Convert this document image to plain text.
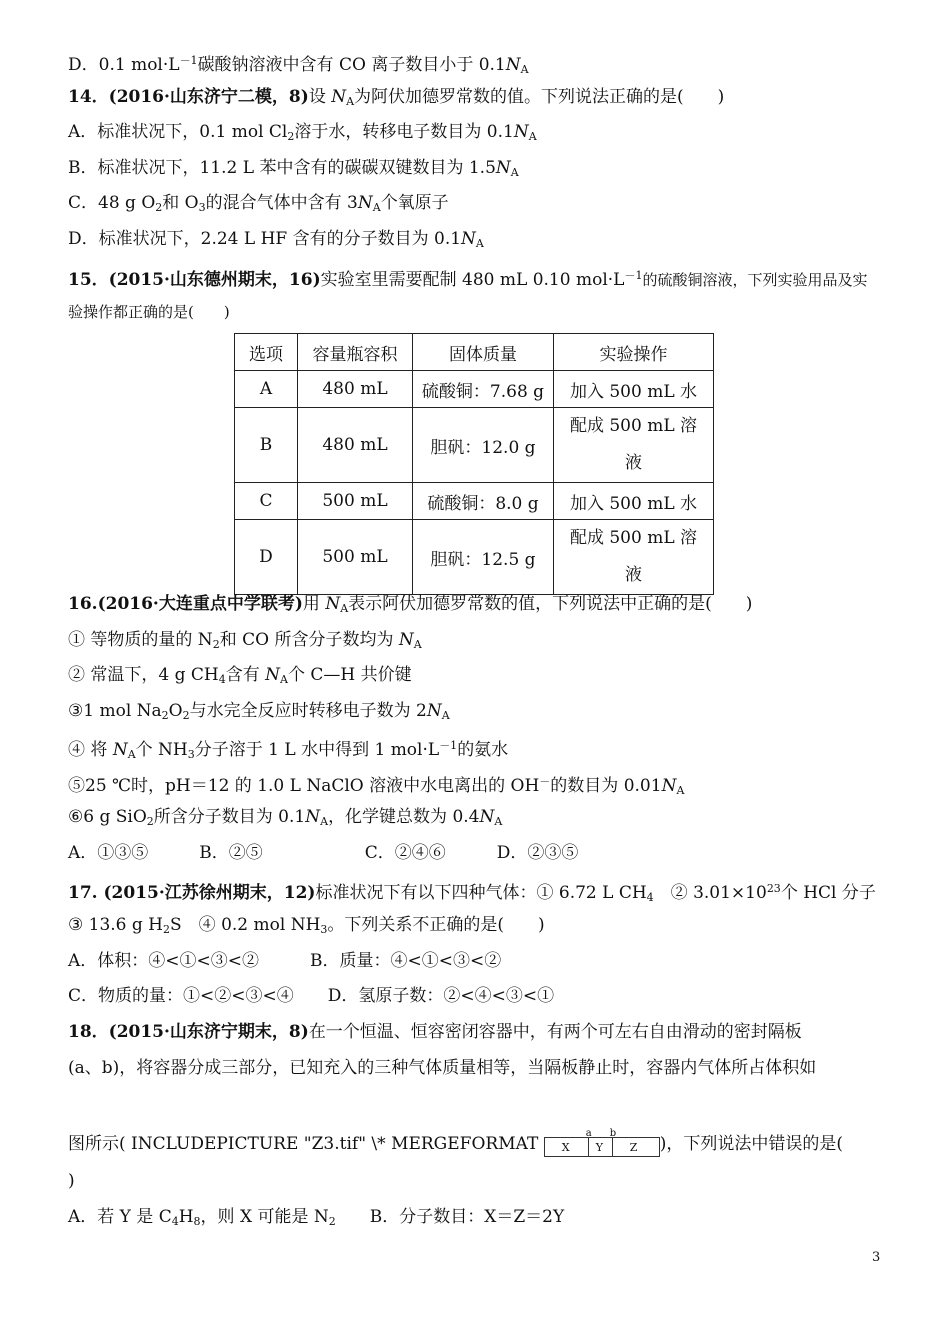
D．0.1 $mol\cdot L^{-1}$碳酸钠溶液中含有 CO 离子数目小于 $0.1N_A$
14．(2016·山东济宁二模，8)设 $N_A$为阿伏加德罗常数的值。下列说法正确的是(　　)
A．标准状况下，0.1 mol $Cl_2$溶于水，转移电子数目为 $0.1N_A$
B．标准状况下，11.2 L 苯中含有的碳碳双键数目为 $1.5N_A$
C．48 g $O_2$和 $O_3$的混合气体中含有 $3N_A$个氧原子
D．标准状况下，2.24 L HF 含有的分子数目为 $0.1N_A$
15．(2015·山东德州期末，16)实验室里需要配制 480 mL 0.10 $mol\cdot L^{-1}$的硫酸铜溶液，下列实验用品及实
验操作都正确的是(　　)
选项	容量瓶容积	固体质量	实验操作
A	480 mL	硫酸铜：7.68 g	加入 500 mL 水
B	480 mL	胆矾：12.0 g	配成 500 mL 溶液
C	500 mL	硫酸铜：8.0 g	加入 500 mL 水
D	500 mL	胆矾：12.5 g	配成 500 mL 溶液
16.(2016·大连重点中学联考)用 $N_A$表示阿伏加德罗常数的值，下列说法中正确的是(　　)
① 等物质的量的 $N_2$和 CO 所含分子数均为 $N_A$
② 常温下，4 g $CH_4$含有 $N_A$个 C—H 共价键
③1 mol $Na_2O_2$与水完全反应时转移电子数为 $2N_A$
④ 将 $N_A$个 $NH_3$分子溶于 1 L 水中得到 1 $mol\cdot L^{-1}$的氨水
⑤25 ℃时，pH＝12 的 1.0 L NaClO 溶液中水电离出的 OH－的数目为 $0.01N_A$
⑥6 g SiO$_2$所含分子数目为 $0.1N_A$，化学键总数为 $0.4N_A$
A．①③⑤　　　B．②⑤　　　　　　C．②④⑥　　　D．②③⑤
17. (2015·江苏徐州期末，12)标准状况下有以下四种气体：① 6.72 L $CH_4$　② $3.01\times 10^{23}$个 HCl 分子
③ 13.6 g $H_2S$　④ 0.2 mol $NH_3$。下列关系不正确的是(　　)
A．体积：④<①<③<②　　　B．质量：④<①<③<②
C．物质的量：①<②<③<④　　D．氢原子数：②<④<③<①
18．(2015·山东济宁期末，8)在一个恒温、恒容密闭容器中，有两个可左右自由滑动的密封隔板
(a、b)，将容器分成三部分，已知充入的三种气体质量相等，当隔板静止时，容器内气体所占体积如
图所示( INCLUDEPICTURE "Z3.tif" \* MERGEFORMAT
a b
X Y Z )，下列说法中错误的是(
)
A．若 Y 是 $C_4H_8$，则 X 可能是 $N_2$　　B．分子数目：X＝Z＝2Y
3
